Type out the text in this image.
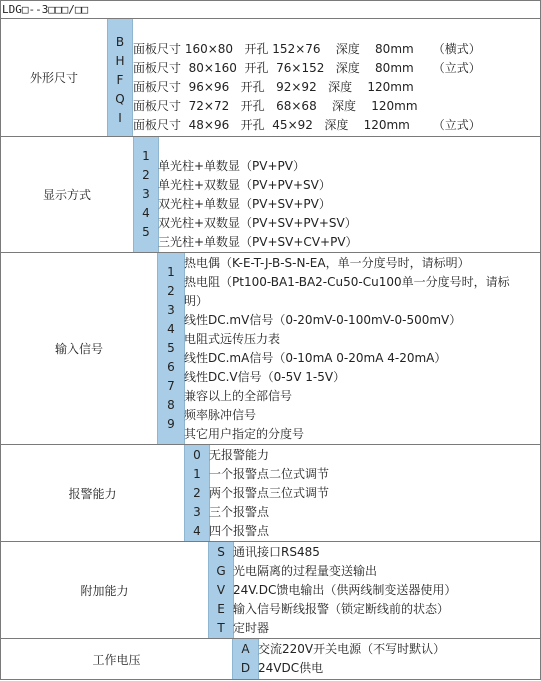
LDG□--3□□□/□□
外形尺寸
B
H
F
Q
I
面板尺寸 160×80   开孔 152×76    深度    80mm     （横式）
面板尺寸  80×160  开孔  76×152   深度    80mm     （立式）
面板尺寸  96×96   开孔   92×92   深度    120mm
面板尺寸  72×72   开孔   68×68    深度    120mm
面板尺寸  48×96   开孔  45×92   深度    120mm      （立式）
显示方式
1
2
3
4
5
单光柱+单数显（PV+PV）
单光柱+双数显（PV+PV+SV）
双光柱+单数显（PV+SV+PV）
双光柱+双数显（PV+SV+PV+SV）
三光柱+单数显（PV+SV+CV+PV）
输入信号
1
2
3
4
5
6
7
8
9
热电偶（K-E-T-J-B-S-N-EA，单一分度号时，请标明）
热电阻（Pt100-BA1-BA2-Cu50-Cu100单一分度号时，请标
明）
线性DC.mV信号（0-20mV-0-100mV-0-500mV）
电阻式远传压力表
线性DC.mA信号（0-10mA 0-20mA 4-20mA）
线性DC.V信号（0-5V 1-5V）
兼容以上的全部信号
频率脉冲信号
其它用户指定的分度号
报警能力
0
1
2
3
4
无报警能力
一个报警点二位式调节
两个报警点三位式调节
三个报警点
四个报警点
附加能力
S
G
V
E
T
通讯接口RS485
光电隔离的过程量变送输出
24V.DC馈电输出（供两线制变送器使用）
输入信号断线报警（锁定断线前的状态）
定时器
工作电压
A
D
交流220V开关电源（不写时默认）
24VDC供电
